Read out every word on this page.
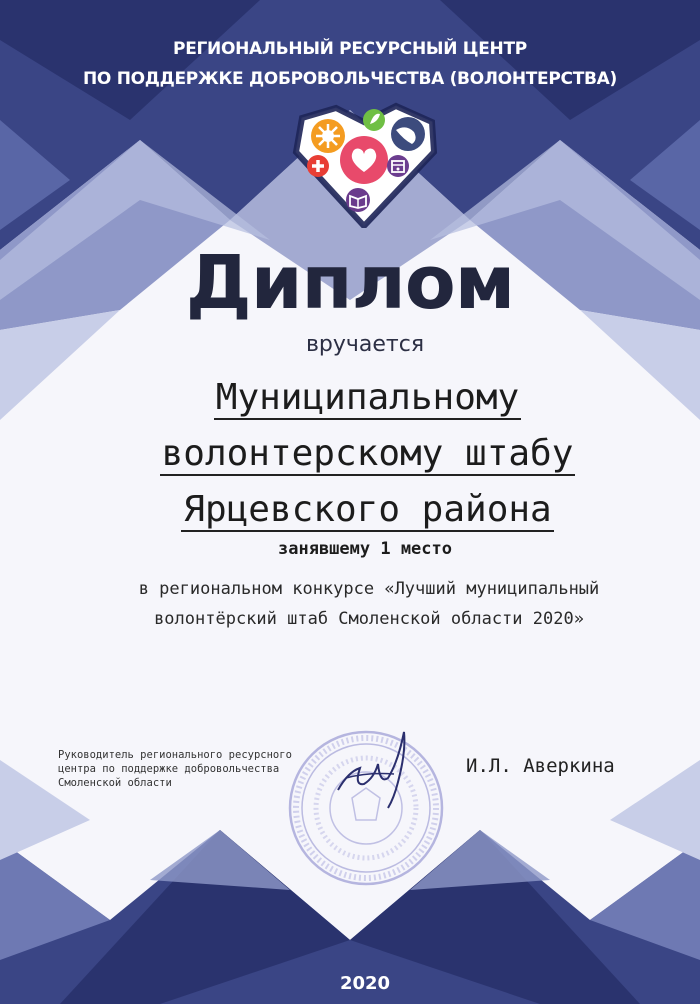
РЕГИОНАЛЬНЫЙ РЕСУРСНЫЙ ЦЕНТР
ПО ПОДДЕРЖКЕ ДОБРОВОЛЬЧЕСТВА (ВОЛОНТЕРСТВА)
Диплом
вручается
Муниципальному
волонтерскому штабу
Ярцевского района
занявшему 1 место
в региональном конкурсе «Лучший муниципальный
волонтёрский штаб Смоленской области 2020»
Руководитель регионального ресурсного
центра по поддержке добровольчества
Смоленской области
И.Л. Аверкина
2020
